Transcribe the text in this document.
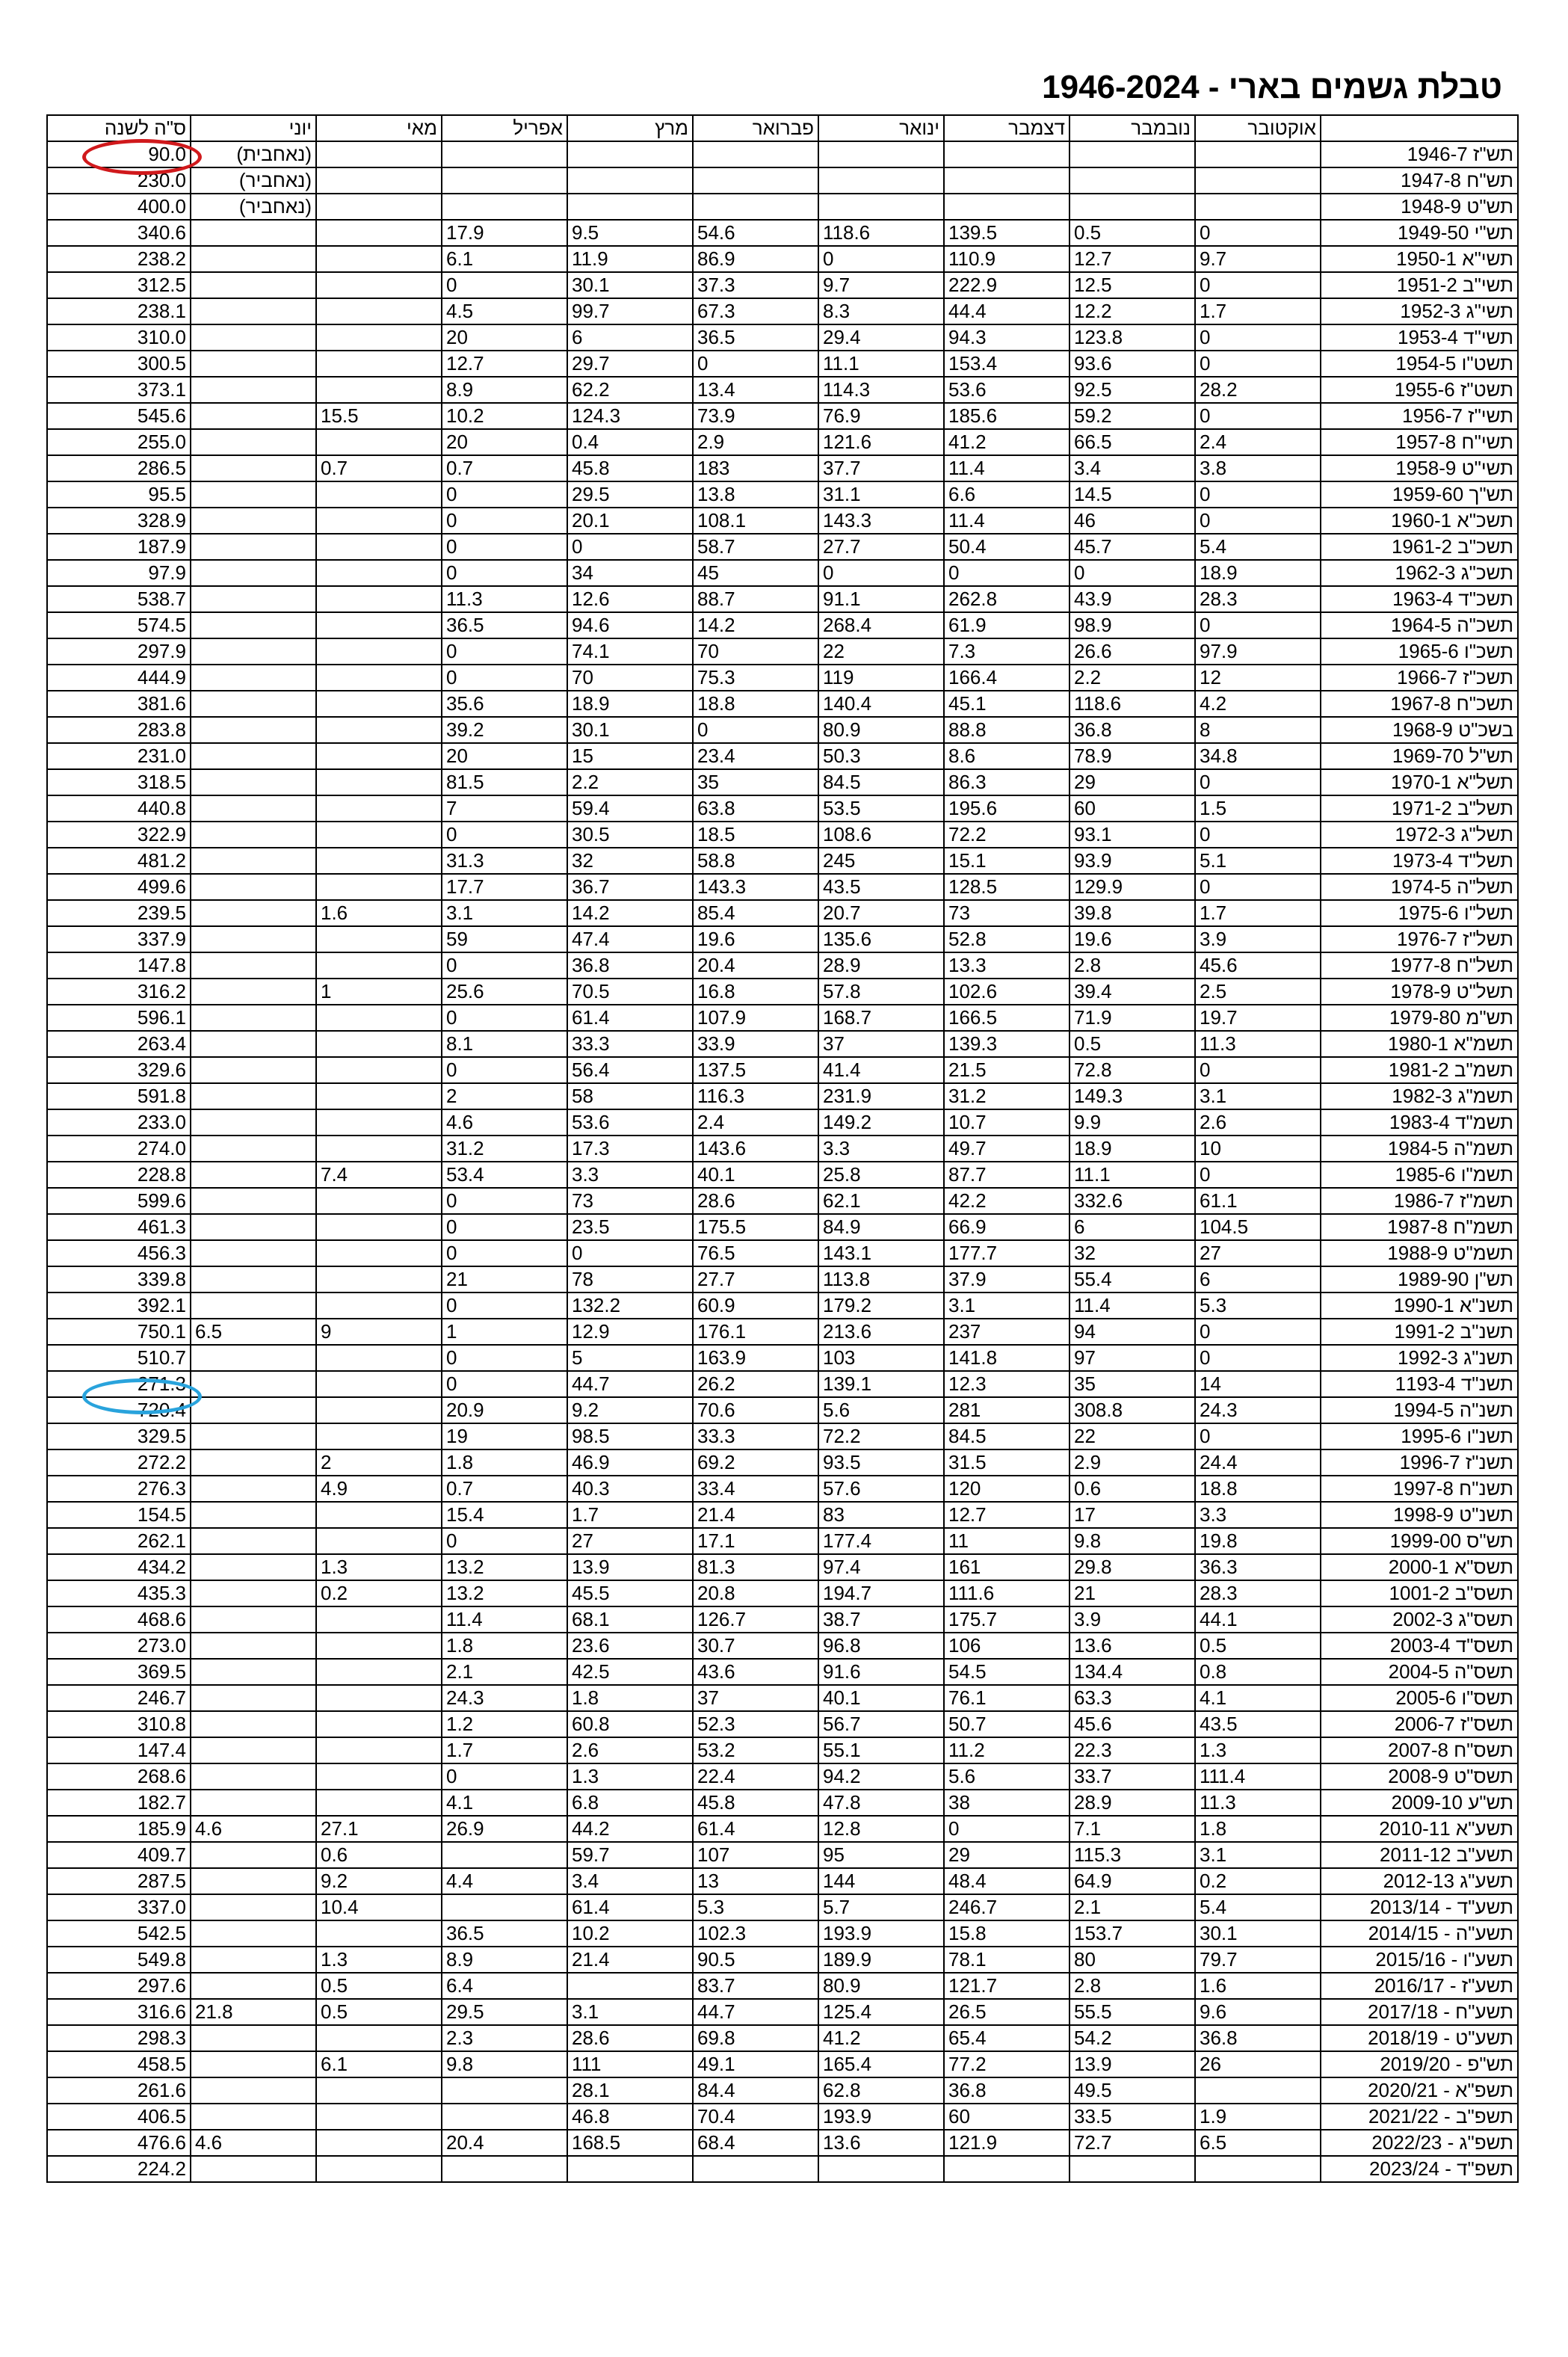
טבלת גשמים בארי - 1946-2024
	אוקטובר	נובמבר	דצמבר	ינואר	פברואר	מרץ	אפריל	מאי	יוני	ס"ה לשנה
תש"ז 1946-7									(נאחבית)	90.0
תש"ח 1947-8									(נאחביר)	230.0
תש"ט 1948-9									(נאחביר)	400.0
תש"י 1949-50	0	0.5	139.5	118.6	54.6	9.5	17.9			340.6
תשי"א 1950-1	9.7	12.7	110.9	0	86.9	11.9	6.1			238.2
תשי"ב 1951-2	0	12.5	222.9	9.7	37.3	30.1	0			312.5
תשי"ג 1952-3	1.7	12.2	44.4	8.3	67.3	99.7	4.5			238.1
תשי"ד 1953-4	0	123.8	94.3	29.4	36.5	6	20			310.0
תשט"ו 1954-5	0	93.6	153.4	11.1	0	29.7	12.7			300.5
תשט"ז 1955-6	28.2	92.5	53.6	114.3	13.4	62.2	8.9			373.1
תשי"ז 1956-7	0	59.2	185.6	76.9	73.9	124.3	10.2	15.5		545.6
תשי"ח 1957-8	2.4	66.5	41.2	121.6	2.9	0.4	20			255.0
תשי"ט 1958-9	3.8	3.4	11.4	37.7	183	45.8	0.7	0.7		286.5
תש"ך 1959-60	0	14.5	6.6	31.1	13.8	29.5	0			95.5
תשכ"א 1960-1	0	46	11.4	143.3	108.1	20.1	0			328.9
תשכ"ב 1961-2	5.4	45.7	50.4	27.7	58.7	0	0			187.9
תשכ"ג 1962-3	18.9	0	0	0	45	34	0			97.9
תשכ"ד 1963-4	28.3	43.9	262.8	91.1	88.7	12.6	11.3			538.7
תשכ"ה 1964-5	0	98.9	61.9	268.4	14.2	94.6	36.5			574.5
תשכ"ו 1965-6	97.9	26.6	7.3	22	70	74.1	0			297.9
תשכ"ז 1966-7	12	2.2	166.4	119	75.3	70	0			444.9
תשכ"ח 1967-8	4.2	118.6	45.1	140.4	18.8	18.9	35.6			381.6
בשכ"ט 1968-9	8	36.8	88.8	80.9	0	30.1	39.2			283.8
תש"ל 1969-70	34.8	78.9	8.6	50.3	23.4	15	20			231.0
תשל"א 1970-1	0	29	86.3	84.5	35	2.2	81.5			318.5
תשל"ב 1971-2	1.5	60	195.6	53.5	63.8	59.4	7			440.8
תשל"ג 1972-3	0	93.1	72.2	108.6	18.5	30.5	0			322.9
תשל"ד 1973-4	5.1	93.9	15.1	245	58.8	32	31.3			481.2
תשל"ה 1974-5	0	129.9	128.5	43.5	143.3	36.7	17.7			499.6
תשל"ו 1975-6	1.7	39.8	73	20.7	85.4	14.2	3.1	1.6		239.5
תשל"ז 1976-7	3.9	19.6	52.8	135.6	19.6	47.4	59			337.9
תשל"ח 1977-8	45.6	2.8	13.3	28.9	20.4	36.8	0			147.8
תשל"ט 1978-9	2.5	39.4	102.6	57.8	16.8	70.5	25.6	1		316.2
תש"מ 1979-80	19.7	71.9	166.5	168.7	107.9	61.4	0			596.1
תשמ"א 1980-1	11.3	0.5	139.3	37	33.9	33.3	8.1			263.4
תשמ"ב 1981-2	0	72.8	21.5	41.4	137.5	56.4	0			329.6
תשמ"ג 1982-3	3.1	149.3	31.2	231.9	116.3	58	2			591.8
תשמ"ד 1983-4	2.6	9.9	10.7	149.2	2.4	53.6	4.6			233.0
תשמ"ה 1984-5	10	18.9	49.7	3.3	143.6	17.3	31.2			274.0
תשמ"ו 1985-6	0	11.1	87.7	25.8	40.1	3.3	53.4	7.4		228.8
תשמ"ז 1986-7	61.1	332.6	42.2	62.1	28.6	73	0			599.6
תשמ"ח 1987-8	104.5	6	66.9	84.9	175.5	23.5	0			461.3
תשמ"ט 1988-9	27	32	177.7	143.1	76.5	0	0			456.3
תש"ן 1989-90	6	55.4	37.9	113.8	27.7	78	21			339.8
תשנ"א 1990-1	5.3	11.4	3.1	179.2	60.9	132.2	0			392.1
תשנ"ב 1991-2	0	94	237	213.6	176.1	12.9	1	9	6.5	750.1
תשנ"ג 1992-3	0	97	141.8	103	163.9	5	0			510.7
תשנ"ד 1193-4	14	35	12.3	139.1	26.2	44.7	0			271.3
תשנ"ה 1994-5	24.3	308.8	281	5.6	70.6	9.2	20.9			720.4
תשנ"ו 1995-6	0	22	84.5	72.2	33.3	98.5	19			329.5
תשנ"ז 1996-7	24.4	2.9	31.5	93.5	69.2	46.9	1.8	2		272.2
תשנ"ח 1997-8	18.8	0.6	120	57.6	33.4	40.3	0.7	4.9		276.3
תשנ"ט 1998-9	3.3	17	12.7	83	21.4	1.7	15.4			154.5
תש"ס 1999-00	19.8	9.8	11	177.4	17.1	27	0			262.1
תשס"א 2000-1	36.3	29.8	161	97.4	81.3	13.9	13.2	1.3		434.2
תשס"ב 1001-2	28.3	21	111.6	194.7	20.8	45.5	13.2	0.2		435.3
תשס"ג 2002-3	44.1	3.9	175.7	38.7	126.7	68.1	11.4			468.6
תשס"ד 2003-4	0.5	13.6	106	96.8	30.7	23.6	1.8			273.0
תשס"ה 2004-5	0.8	134.4	54.5	91.6	43.6	42.5	2.1			369.5
תשס"ו 2005-6	4.1	63.3	76.1	40.1	37	1.8	24.3			246.7
תשס"ז 2006-7	43.5	45.6	50.7	56.7	52.3	60.8	1.2			310.8
תשס"ח 2007-8	1.3	22.3	11.2	55.1	53.2	2.6	1.7			147.4
תשס"ט 2008-9	111.4	33.7	5.6	94.2	22.4	1.3	0			268.6
תש"ע 2009-10	11.3	28.9	38	47.8	45.8	6.8	4.1			182.7
תשע"א 2010-11	1.8	7.1	0	12.8	61.4	44.2	26.9	27.1	4.6	185.9
תשע"ב 2011-12	3.1	115.3	29	95	107	59.7		0.6		409.7
תשע"ג 2012-13	0.2	64.9	48.4	144	13	3.4	4.4	9.2		287.5
תשע"ד - 2013/14	5.4	2.1	246.7	5.7	5.3	61.4		10.4		337.0
תשע"ה - 2014/15	30.1	153.7	15.8	193.9	102.3	10.2	36.5			542.5
תשע"ו - 2015/16	79.7	80	78.1	189.9	90.5	21.4	8.9	1.3		549.8
תשע"ז - 2016/17	1.6	2.8	121.7	80.9	83.7		6.4	0.5		297.6
תשע"ח - 2017/18	9.6	55.5	26.5	125.4	44.7	3.1	29.5	0.5	21.8	316.6
תשע"ט - 2018/19	36.8	54.2	65.4	41.2	69.8	28.6	2.3			298.3
תש"פ - 2019/20	26	13.9	77.2	165.4	49.1	111	9.8	6.1		458.5
תשפ"א - 2020/21		49.5	36.8	62.8	84.4	28.1				261.6
תשפ"ב - 2021/22	1.9	33.5	60	193.9	70.4	46.8				406.5
תשפ"ג - 2022/23	6.5	72.7	121.9	13.6	68.4	168.5	20.4		4.6	476.6
תשפ"ד - 2023/24										224.2
